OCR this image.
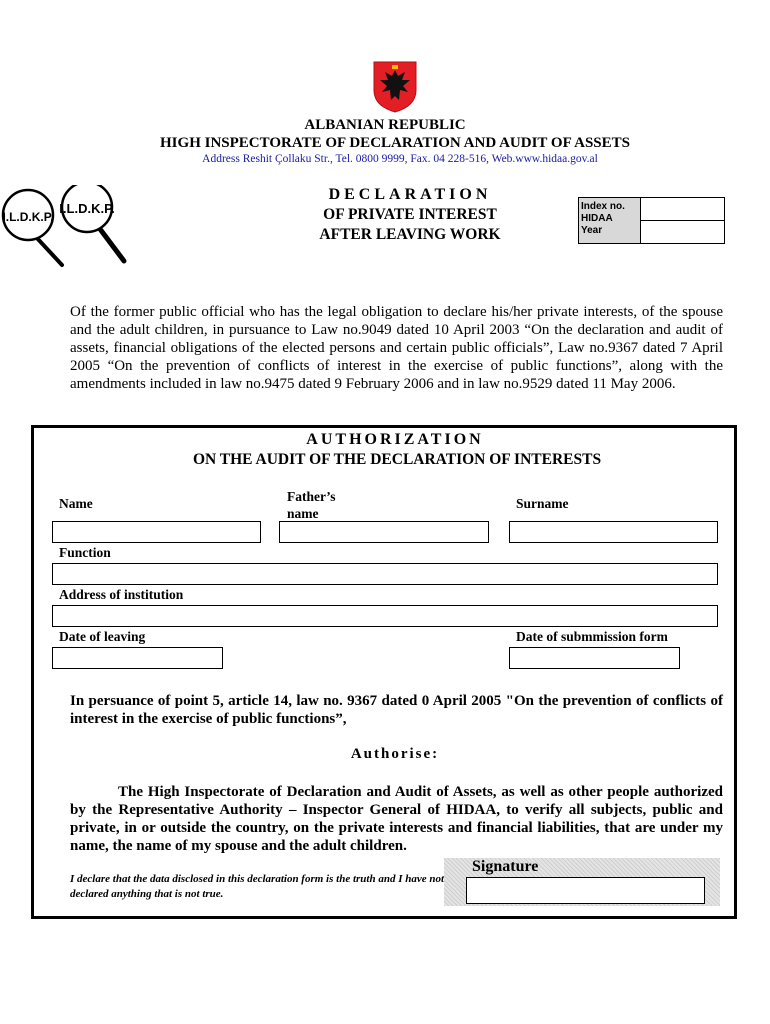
ALBANIAN REPUBLIC
HIGH INSPECTORATE OF DECLARATION AND AUDIT OF ASSETS
Address Reshit Çollaku Str., Tel. 0800 9999, Fax. 04 228-516, Web.www.hidaa.gov.al
I.L.D.K.P.
I.L.D.K.P.
DECLARATION
OF PRIVATE INTEREST
AFTER LEAVING WORK
Index no.
HIDAA
Year
Of the former public official who has the legal obligation to declare his/her private interests, of the spouse and the adult children, in pursuance to Law no.9049 dated 10 April 2003 “On the declaration and audit of assets, financial obligations of the elected persons and certain public officials”, Law no.9367 dated 7 April 2005 “On the prevention of conflicts of interest in the exercise of public functions”, along with the amendments included in law no.9475 dated 9 February 2006 and in law no.9529 dated 11 May 2006.
AUTHORIZATION
ON THE AUDIT OF THE DECLARATION OF INTERESTS
Name	Father’s name
Surname
Function
Address of institution
Date of leaving	Date of submmission form
In persuance of point 5, article 14, law no. 9367 dated 0 April 2005 "On the prevention of conflicts of interest in the exercise of public functions”,
Authorise:
The High Inspectorate of Declaration and Audit of Assets, as well as other people authorized by the Representative Authority – Inspector General of HIDAA, to verify all subjects, public and private, in or outside the country, on the private interests and financial liabilities, that are under my name, the name of my spouse and the adult children.
I declare that the data disclosed in this declaration form is the truth and I have not declared anything that is not true.
Signature
